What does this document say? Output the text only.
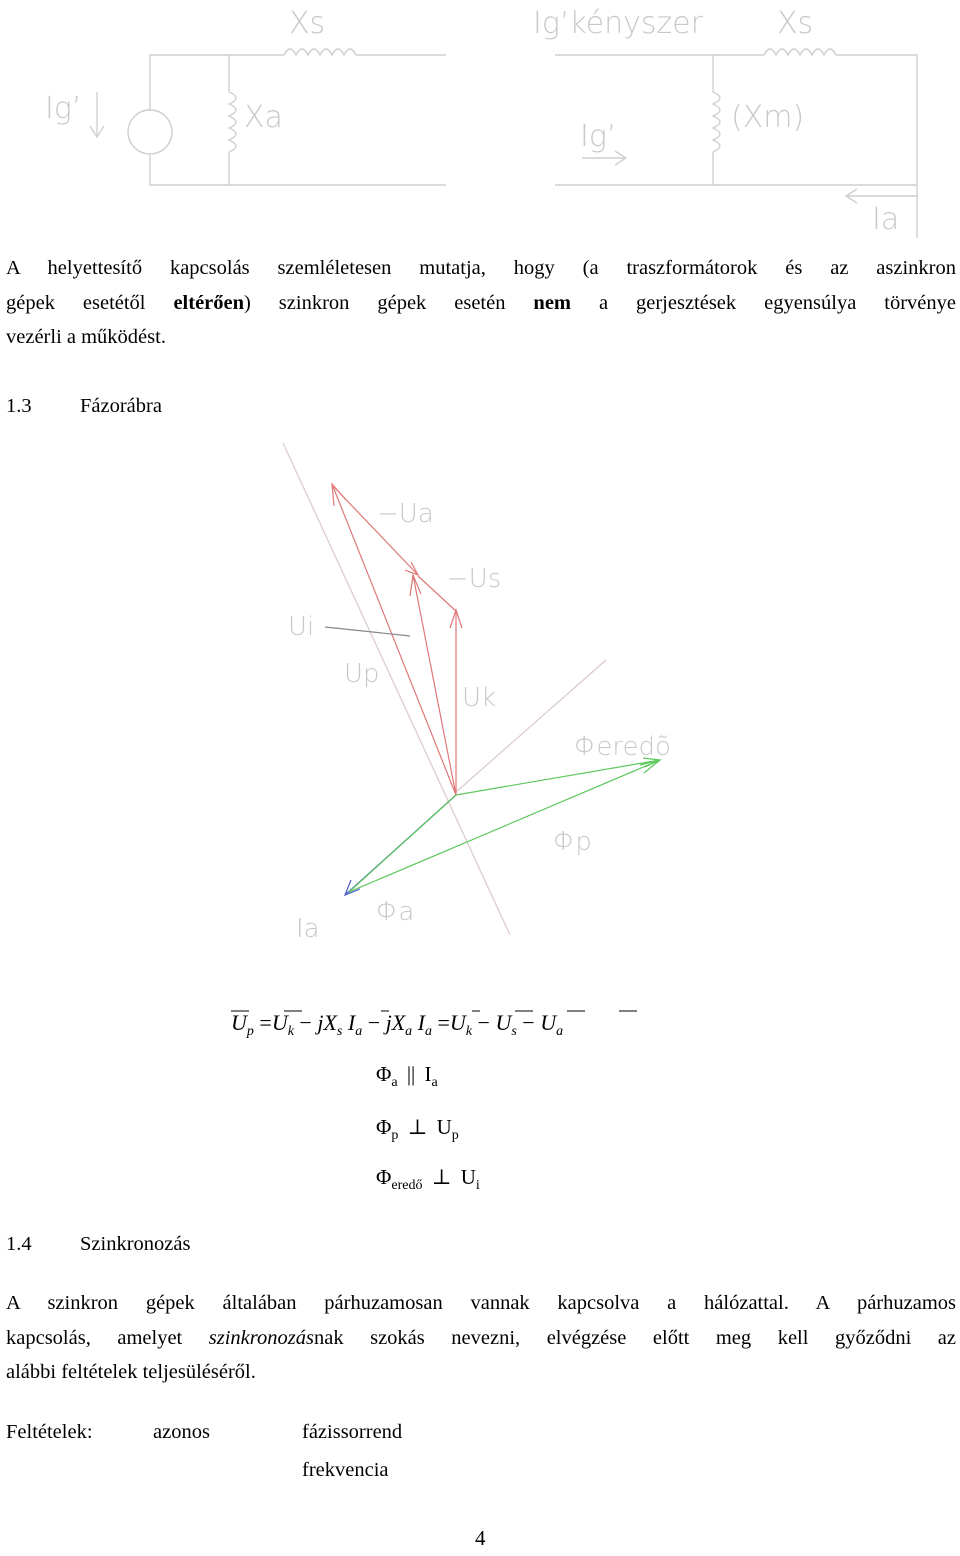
Ig’
Xs
Xa
Ig’kényszer Xs
(Xm)
Ig’
Ia
A helyettesítő kapcsolás szemléletesen mutatja, hogy (a traszformátorok és az aszinkron
gépek esetétől eltérően) szinkron gépek esetén nem a gerjesztések egyensúlya törvénye
vezérli a működést.
1.3 Fázorábra
−Ua
−Us
Ui
Up
Uk
Φeredõ
Φp
Ia
Φa
$U_p =U_k - jX_s$ $I_a - jX_a$ $I_a =U_k - U_s - U_a$
$\Phi_a$ || $I_a$
$\Phi_p$ ⊥ $U_p$
$\Phi_{eredő}$ ⊥ $U_i$
1.4 Szinkronozás
A szinkron gépek általában párhuzamosan vannak kapcsolva a hálózattal. A párhuzamos
kapcsolás, amelyet szinkronozásnak szokás nevezni, elvégzése előtt meg kell győződni az
alábbi feltételek teljesüléséről.
Feltételek:	azonos	fázissorrend
frekvencia
4
